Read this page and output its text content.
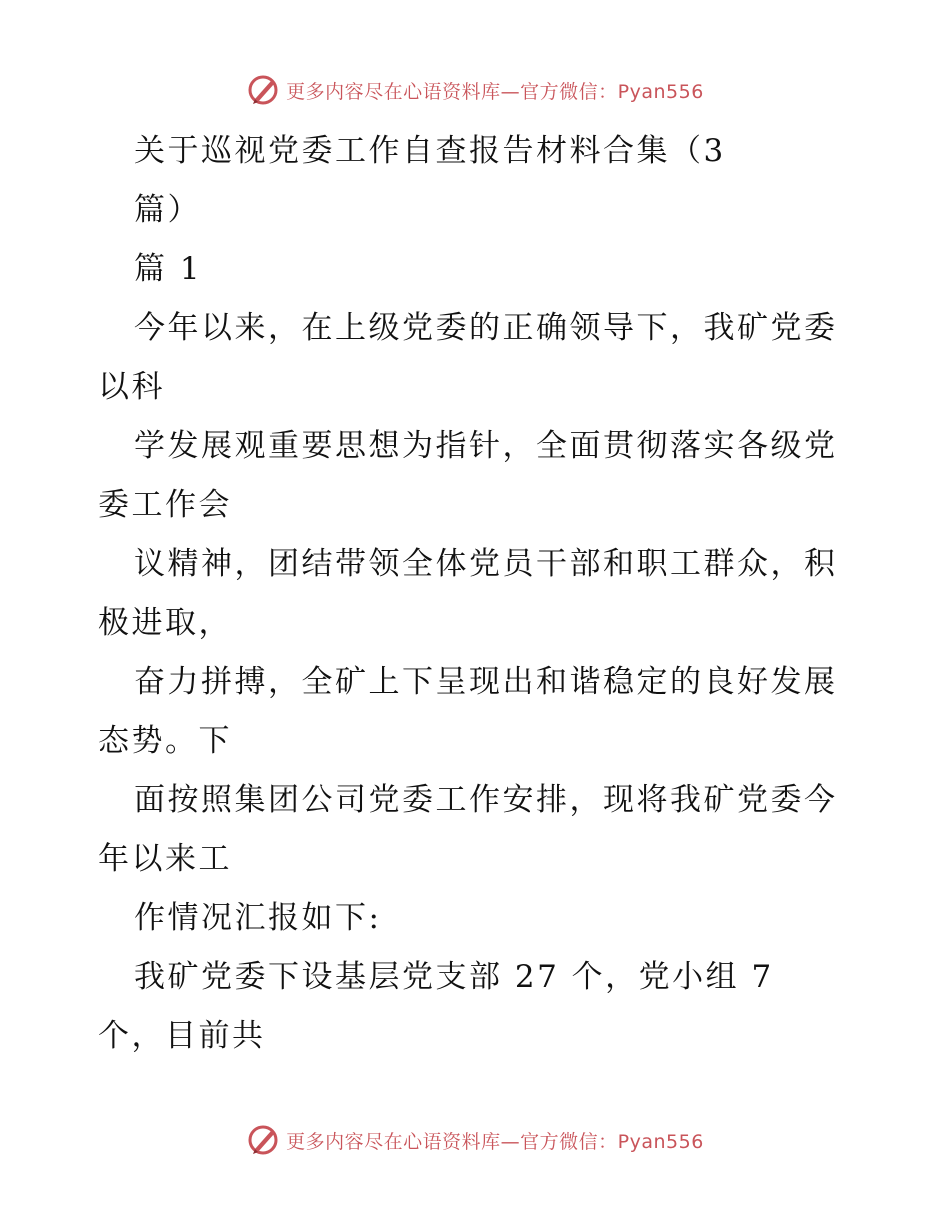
更多内容尽在心语资料库—官方微信：Pyan556
关于巡视党委工作自查报告材料合集（3
篇）
篇 1
今年以来，在上级党委的正确领导下，我矿党委
以科
学发展观重要思想为指针，全面贯彻落实各级党
委工作会
议精神，团结带领全体党员干部和职工群众，积
极进取，
奋力拼搏，全矿上下呈现出和谐稳定的良好发展
态势。下
面按照集团公司党委工作安排，现将我矿党委今
年以来工
作情况汇报如下:
我矿党委下设基层党支部 27 个，党小组 7
个，目前共
更多内容尽在心语资料库—官方微信：Pyan556
